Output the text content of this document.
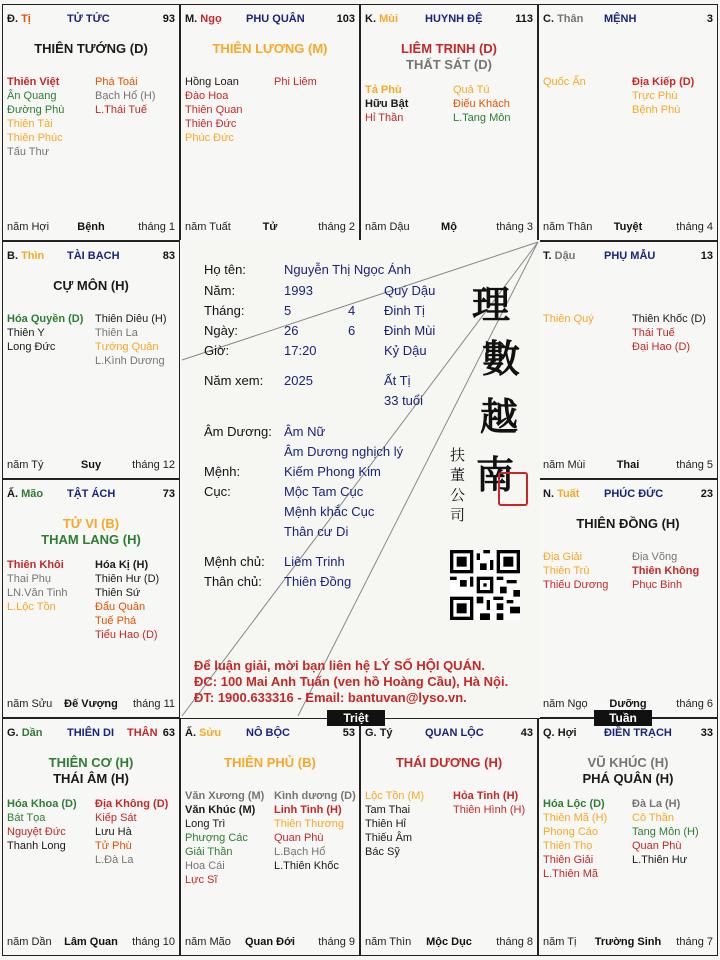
Đ. Tị	TỬ TỨC	93
THIÊN TƯỚNG (D)
Thiên Việt
Ân Quang
Đường Phù
Thiên Tài
Thiên Phúc
Tấu Thư
Phá Toái
Bạch Hổ (H)
L.Thái Tuế
năm Hợi	Bệnh	tháng 1
M. Ngọ PHU QUÂN	103
THIÊN LƯƠNG (M)
Hồng Loan
Đào Hoa
Thiên Quan
Thiên Đức
Phúc Đức
Phi Liêm
năm Tuất	Tử	tháng 2
K. Mùi HUYNH ĐỆ	113
LIÊM TRINH (D)
THẤT SÁT (D)
Tả Phù
Hữu Bật
Hỉ Thần
Quả Tú
Điếu Khách
L.Tang Môn
năm Dậu	Mộ	tháng 3
C. Thân MỆNH	3
Quốc Ấn	Địa Kiếp (D)
Trực Phù
Bệnh Phù
năm Thân	Tuyệt	tháng 4
B. Thìn TÀI BẠCH	83
CỰ MÔN (H)
Hóa Quyền (D)
Thiên Y
Long Đức
Thiên Diêu (H)
Thiên La
Tướng Quân
L.Kình Dương
năm Tý	Suy	tháng 12
T. Dậu	PHỤ MẪU	13
Thiên Quý	Thiên Khốc (D)
Thái Tuế
Đại Hao (D)
năm Mùi	Thai	tháng 5
Ấ. Mão TẬT ÁCH	73
TỬ VI (B)
THAM LANG (H)
Thiên Khôi
Thai Phụ
LN.Văn Tinh
L.Lộc Tồn
Hóa Kị (H)
Thiên Hư (D)
Thiên Sứ
Đẩu Quân
Tuế Phá
Tiểu Hao (D)
năm Sửu	Đế Vượng	tháng 11
N. Tuất PHÚC ĐỨC	23
THIÊN ĐỒNG (H)
Địa Giải
Thiên Trù
Thiếu Dương
Địa Võng
Thiên Không
Phục Binh
năm Ngọ	Dưỡng	tháng 6
G. Dần THIÊN DI THÂN 63
THIÊN CƠ (H)
THÁI ÂM (H)
Hóa Khoa (D)
Bát Tọa
Nguyệt Đức
Thanh Long
Địa Không (D)
Kiếp Sát
Lưu Hà
Tử Phù
L.Đà La
năm Dần	Lâm Quan	tháng 10
Ấ. Sửu NÔ BỘC	53
THIÊN PHỦ (B)
Văn Xương (M)
Văn Khúc (M)
Long Trì
Phượng Các
Giải Thần
Hoa Cái
Lực Sĩ
Kình dương (D)
Linh Tinh (H)
Thiên Thương
Quan Phù
L.Bạch Hổ
L.Thiên Khốc
năm Mão	Quan Đới	tháng 9
G. Tý	QUAN LỘC	43
THÁI DƯƠNG (H)
Lộc Tồn (M)
Tam Thai
Thiên Hỉ
Thiếu Âm
Bác Sỹ
Hỏa Tinh (H)
Thiên Hình (H)
năm Thìn	Mộc Dục	tháng 8
Q. Hợi ĐIỀN TRẠCH	33
VŨ KHÚC (H)
PHÁ QUÂN (H)
Hóa Lộc (D)
Thiên Mã (H)
Phong Cáo
Thiên Thọ
Thiên Giải
L.Thiên Mã
Đà La (H)
Cô Thần
Tang Môn (H)
Quan Phù
L.Thiên Hư
năm Tị	Trường Sinh	tháng 7
Họ tên:	Nguyễn Thị Ngọc Ánh
Năm:	1993	Quý Dậu
Tháng:	5	4 Đinh Tị
Ngày:	26	6 Đinh Mùi
Giờ:	17:20	Kỷ Dậu
Năm xem: 2025	Ất Tị
33 tuổi
Âm Dương: Âm Nữ
Âm Dương nghịch lý
Mệnh:	Kiếm Phong Kim
Cục:	Mộc Tam Cục
Mệnh khắc Cục
Thân cư Di
Mệnh chủ: Liêm Trinh
Thân chủ: Thiên Đồng
理
數
越
南
扶
董
公
司
Để luận giải, mời bạn liên hệ LÝ SỐ HỘI QUÁN.
ĐC: 100 Mai Anh Tuấn (ven hồ Hoàng Cầu), Hà Nội.
ĐT: 1900.633316 - Email: bantuvan@lyso.vn.
Triệt	Tuần
